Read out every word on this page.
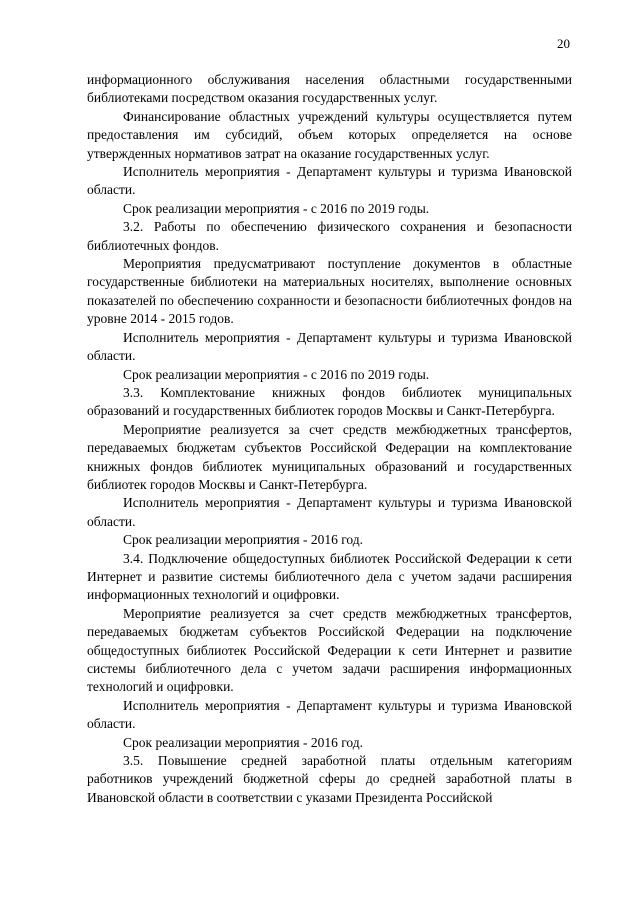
20

информационного обслуживания населения областными государственными библиотеками посредством оказания государственных услуг.

Финансирование областных учреждений культуры осуществляется путем предоставления им субсидий, объем которых определяется на основе утвержденных нормативов затрат на оказание государственных услуг.

Исполнитель мероприятия - Департамент культуры и туризма Ивановской области.

Срок реализации мероприятия - с 2016 по 2019 годы.

3.2. Работы по обеспечению физического сохранения и безопасности библиотечных фондов.

Мероприятия предусматривают поступление документов в областные государственные библиотеки на материальных носителях, выполнение основных показателей по обеспечению сохранности и безопасности библиотечных фондов на уровне 2014 - 2015 годов.

Исполнитель мероприятия - Департамент культуры и туризма Ивановской области.

Срок реализации мероприятия - с 2016 по 2019 годы.

3.3. Комплектование книжных фондов библиотек муниципальных образований и государственных библиотек городов Москвы и Санкт-Петербурга.

Мероприятие реализуется за счет средств межбюджетных трансфертов, передаваемых бюджетам субъектов Российской Федерации на комплектование книжных фондов библиотек муниципальных образований и государственных библиотек городов Москвы и Санкт-Петербурга.

Исполнитель мероприятия - Департамент культуры и туризма Ивановской области.

Срок реализации мероприятия - 2016 год.

3.4. Подключение общедоступных библиотек Российской Федерации к сети Интернет и развитие системы библиотечного дела с учетом задачи расширения информационных технологий и оцифровки.

Мероприятие реализуется за счет средств межбюджетных трансфертов, передаваемых бюджетам субъектов Российской Федерации на подключение общедоступных библиотек Российской Федерации к сети Интернет и развитие системы библиотечного дела с учетом задачи расширения информационных технологий и оцифровки.

Исполнитель мероприятия - Департамент культуры и туризма Ивановской области.

Срок реализации мероприятия - 2016 год.

3.5. Повышение средней заработной платы отдельным категориям работников учреждений бюджетной сферы до средней заработной платы в Ивановской области в соответствии с указами Президента Российской
